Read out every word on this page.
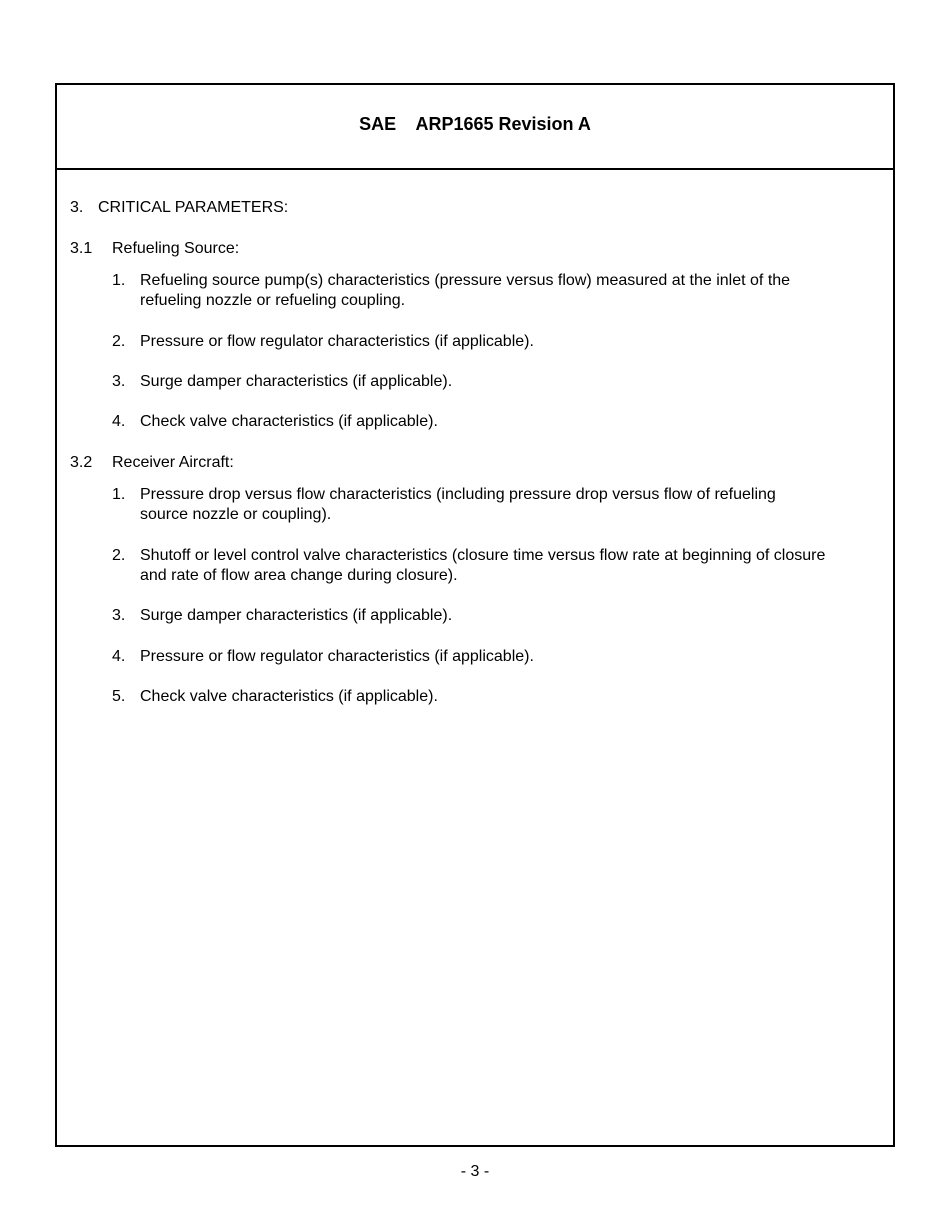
SAE ARP1665 Revision A
3. CRITICAL PARAMETERS:
3.1 Refueling Source:
1. Refueling source pump(s) characteristics (pressure versus flow) measured at the inlet of the
refueling nozzle or refueling coupling.
2. Pressure or flow regulator characteristics (if applicable).
3. Surge damper characteristics (if applicable).
4. Check valve characteristics (if applicable).
3.2 Receiver Aircraft:
1. Pressure drop versus flow characteristics (including pressure drop versus flow of refueling
source nozzle or coupling).
2. Shutoff or level control valve characteristics (closure time versus flow rate at beginning of closure
and rate of flow area change during closure).
3. Surge damper characteristics (if applicable).
4. Pressure or flow regulator characteristics (if applicable).
5. Check valve characteristics (if applicable).
- 3 -
